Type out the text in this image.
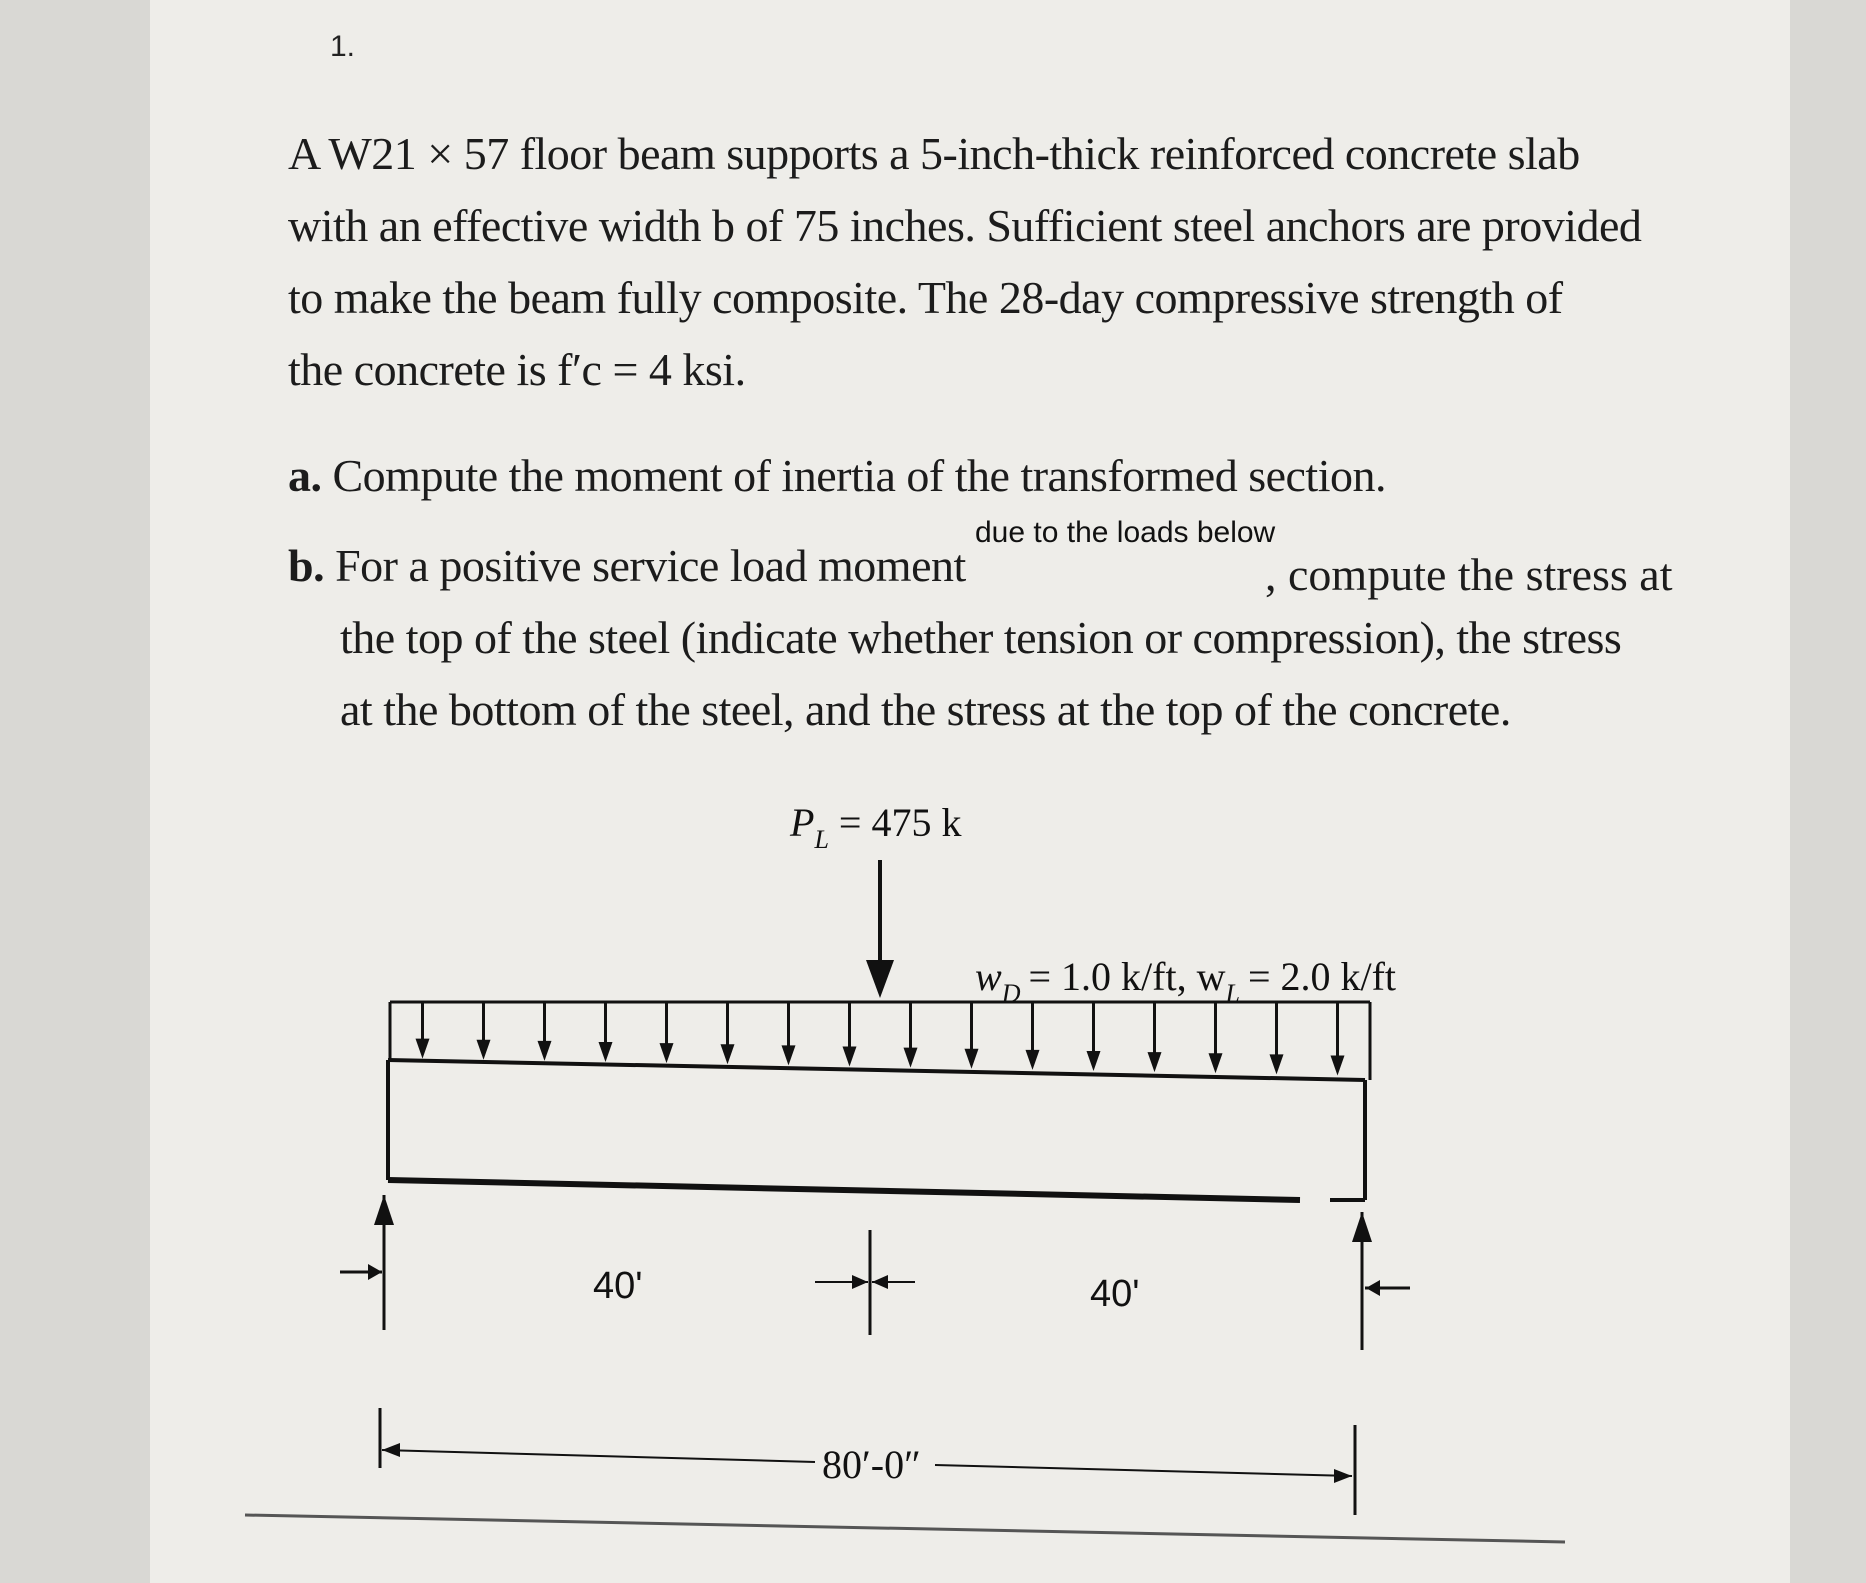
1.

A W21 × 57 floor beam supports a 5-inch-thick reinforced concrete slab

with an effective width b of 75 inches. Sufficient steel anchors are provided

to make the beam fully composite. The 28-day compressive strength of

the concrete is f′c = 4 ksi.

a. Compute the moment of inertia of the transformed section.
b. For a positive service load moment
the top of the steel (indicate whether tension or compression), the stress
at the bottom of the steel, and the stress at the top of the concrete.
due to the loads below
, compute the stress at
$P_L = 475$ k
$w_D = 1.0$ k/ft, $w_L = 2.0$ k/ft
40'	40'
80′-0″
